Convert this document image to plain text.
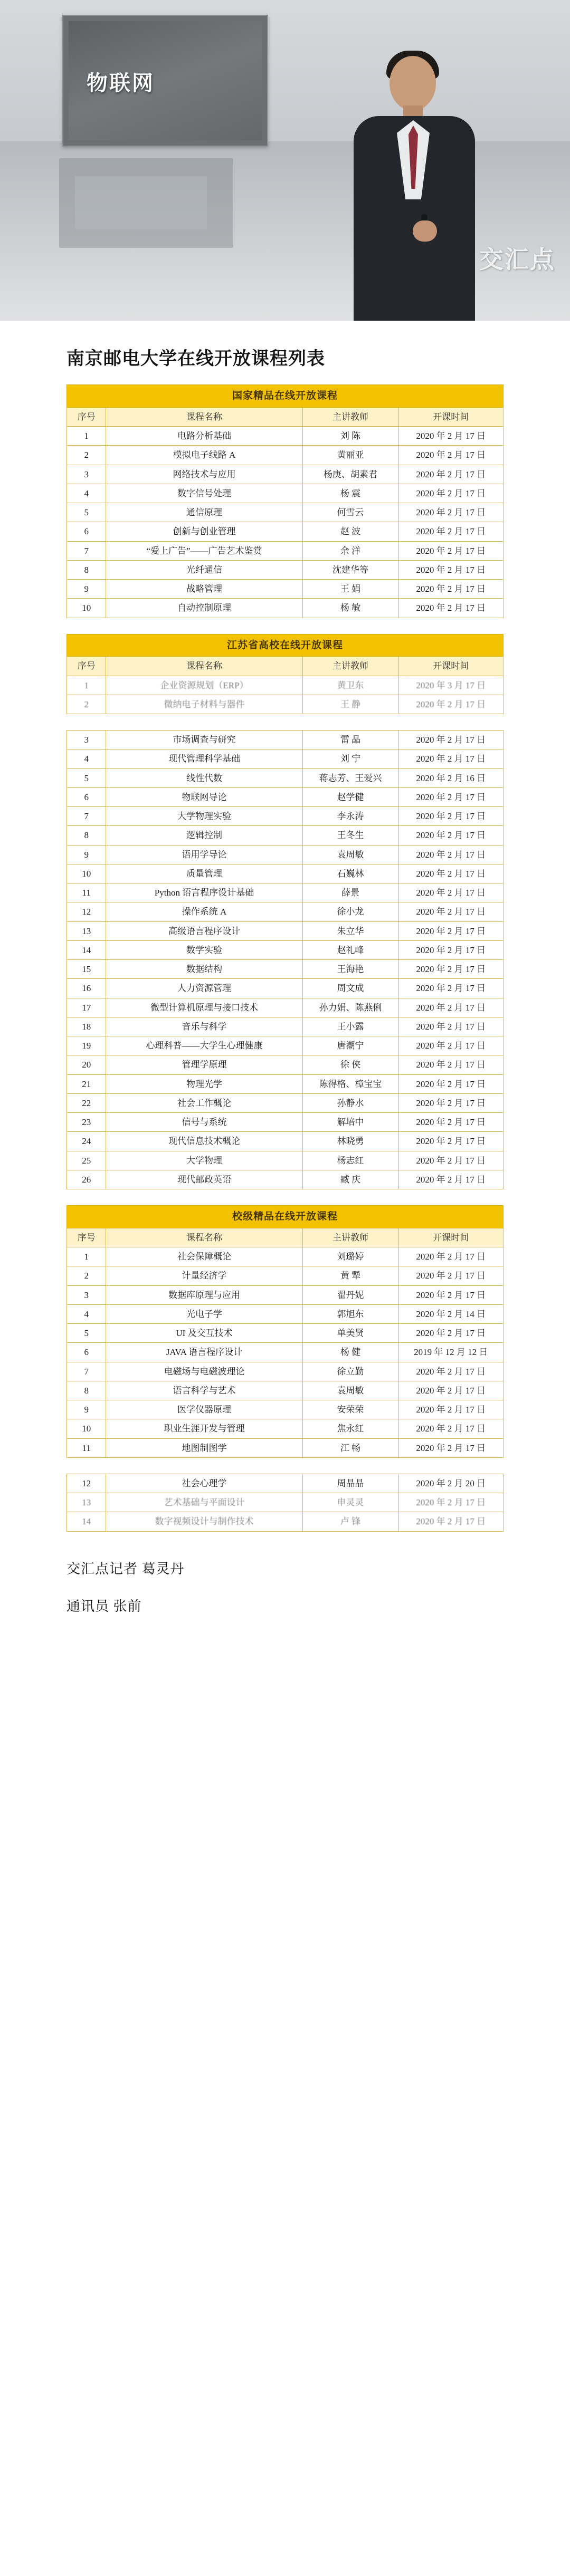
物联网
交汇点
南京邮电大学在线开放课程列表
国家精品在线开放课程			
序号	课程名称	主讲教师	开课时间
1	电路分析基础	刘 陈	2020 年 2 月 17 日
2	模拟电子线路 A	黄丽亚	2020 年 2 月 17 日
3	网络技术与应用	杨庚、胡素君	2020 年 2 月 17 日
4	数字信号处理	杨 震	2020 年 2 月 17 日
5	通信原理	何雪云	2020 年 2 月 17 日
6	创新与创业管理	赵 波	2020 年 2 月 17 日
7	“爱上广告”——广告艺术鉴赏	余 洋	2020 年 2 月 17 日
8	光纤通信	沈建华等	2020 年 2 月 17 日
9	战略管理	王 娟	2020 年 2 月 17 日
10	自动控制原理	杨 敏	2020 年 2 月 17 日
江苏省高校在线开放课程			
序号	课程名称	主讲教师	开课时间
1	企业资源规划（ERP）	黄卫东	2020 年 3 月 17 日
2	微纳电子材料与器件	王 静	2020 年 2 月 17 日
3	市场调查与研究	雷 晶	2020 年 2 月 17 日
4	现代管理科学基础	刘 宁	2020 年 2 月 17 日
5	线性代数	蒋志芳、王爱兴	2020 年 2 月 16 日
6	物联网导论	赵学健	2020 年 2 月 17 日
7	大学物理实验	李永涛	2020 年 2 月 17 日
8	逻辑控制	王冬生	2020 年 2 月 17 日
9	语用学导论	袁周敏	2020 年 2 月 17 日
10	质量管理	石巍林	2020 年 2 月 17 日
11	Python 语言程序设计基础	薛景	2020 年 2 月 17 日
12	操作系统 A	徐小龙	2020 年 2 月 17 日
13	高级语言程序设计	朱立华	2020 年 2 月 17 日
14	数学实验	赵礼峰	2020 年 2 月 17 日
15	数据结构	王海艳	2020 年 2 月 17 日
16	人力资源管理	周文成	2020 年 2 月 17 日
17	微型计算机原理与接口技术	孙力娟、陈燕俐	2020 年 2 月 17 日
18	音乐与科学	王小露	2020 年 2 月 17 日
19	心理科普——大学生心理健康	唐潮宁	2020 年 2 月 17 日
20	管理学原理	徐 侠	2020 年 2 月 17 日
21	物理光学	陈得格、樟宝宝	2020 年 2 月 17 日
22	社会工作概论	孙静水	2020 年 2 月 17 日
23	信号与系统	解培中	2020 年 2 月 17 日
24	现代信息技术概论	林晓勇	2020 年 2 月 17 日
25	大学物理	杨志红	2020 年 2 月 17 日
26	现代邮政英语	臧 庆	2020 年 2 月 17 日
校级精品在线开放课程			
序号	课程名称	主讲教师	开课时间
1	社会保障概论	刘璐婷	2020 年 2 月 17 日
2	计量经济学	黄 犟	2020 年 2 月 17 日
3	数据库原理与应用	翟丹妮	2020 年 2 月 17 日
4	光电子学	郭旭东	2020 年 2 月 14 日
5	UI 及交互技术	单美贤	2020 年 2 月 17 日
6	JAVA 语言程序设计	杨 健	2019 年 12 月 12 日
7	电磁场与电磁波理论	徐立勤	2020 年 2 月 17 日
8	语言科学与艺术	袁周敏	2020 年 2 月 17 日
9	医学仪器原理	安荣荣	2020 年 2 月 17 日
10	职业生涯开发与管理	焦永红	2020 年 2 月 17 日
11	地图制图学	江 畅	2020 年 2 月 17 日
12	社会心理学	周晶晶	2020 年 2 月 20 日
13	艺术基础与平面设计	申灵灵	2020 年 2 月 17 日
14	数字视频设计与制作技术	卢 锋	2020 年 2 月 17 日
交汇点记者 葛灵丹
通讯员 张前
